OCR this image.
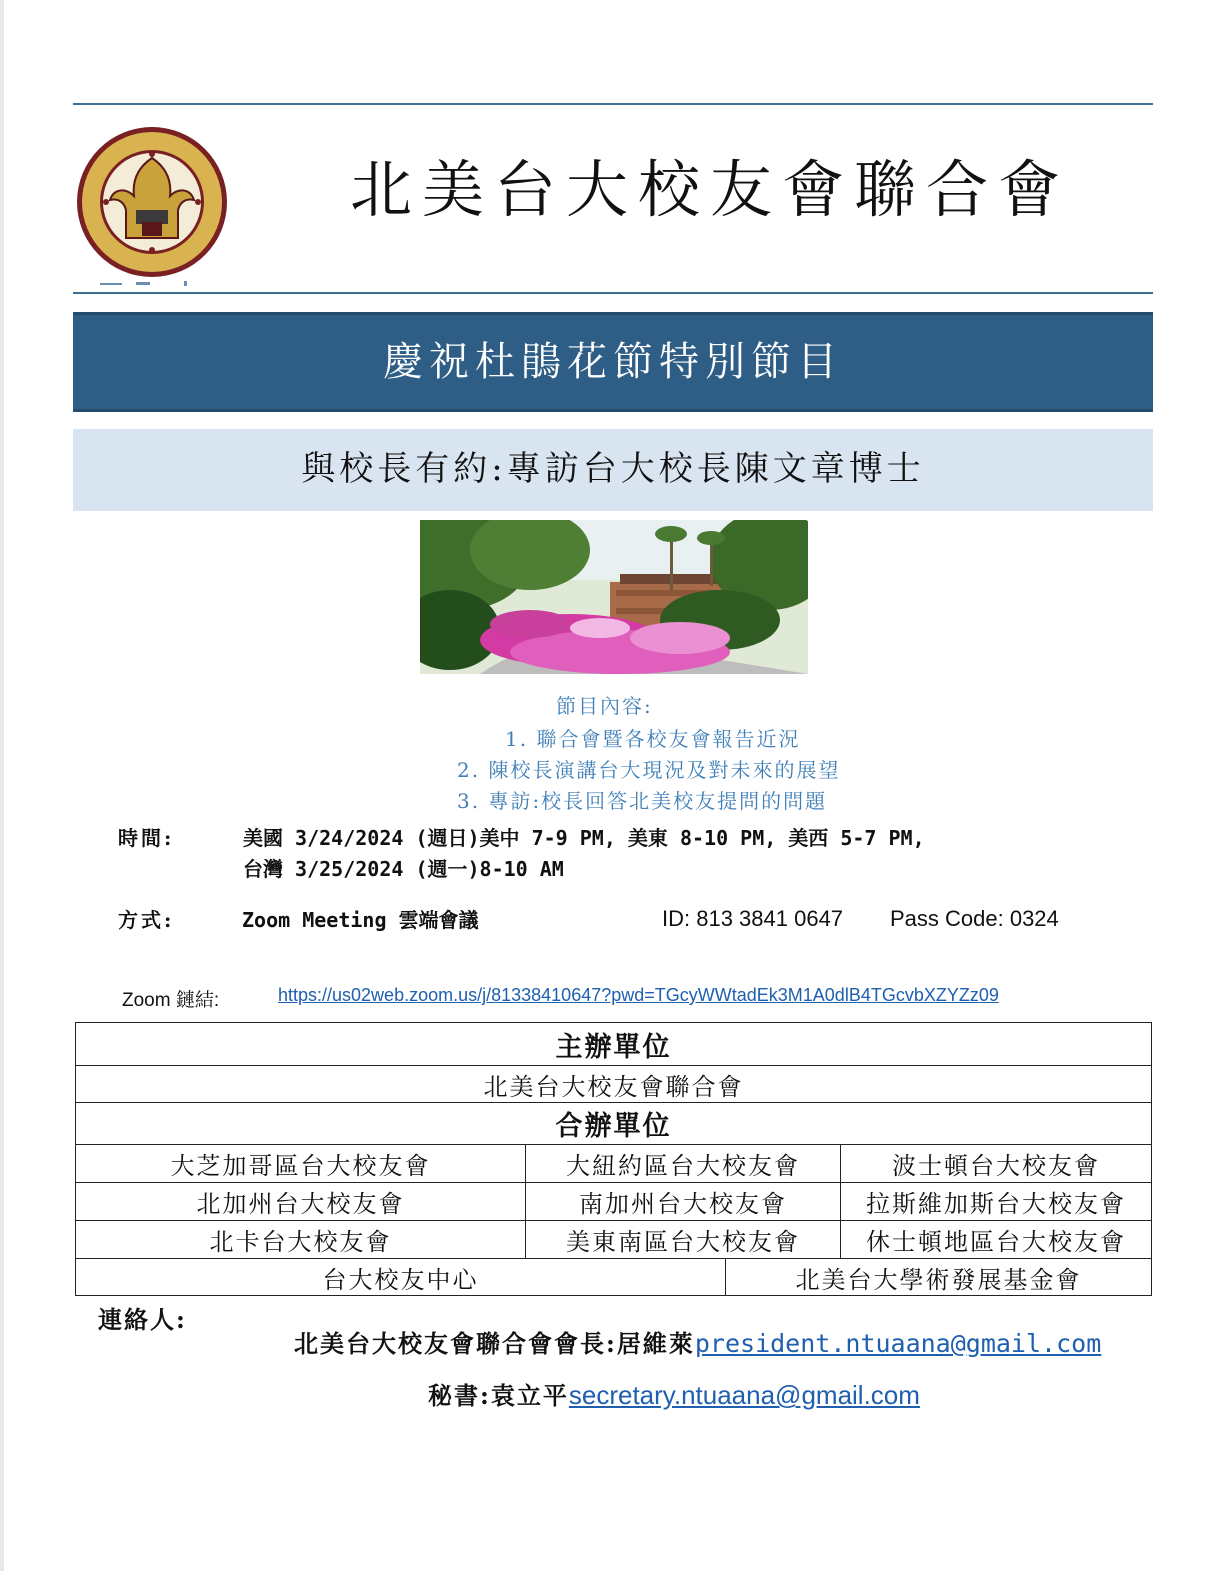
北美台大校友會聯合會
慶祝杜鵑花節特別節目
與校長有約:專訪台大校長陳文章博士
節目內容:
1. 聯合會暨各校友會報告近況
2. 陳校長演講台大現況及對未來的展望
3. 專訪:校長回答北美校友提問的問題
時間:	美國 3/24/2024 (週日)美中 7-9 PM, 美東 8-10 PM, 美西 5-7 PM,
台灣 3/25/2024 (週一)8-10 AM
方式:	Zoom Meeting 雲端會議	ID: 813 3841 0647 Pass Code: 0324
Zoom 鏈結:	https://us02web.zoom.us/j/81338410647?pwd=TGcyWWtadEk3M1A0dlB4TGcvbXZYZz09
主辦單位			
北美台大校友會聯合會			
合辦單位			
大芝加哥區台大校友會	大紐約區台大校友會		波士頓台大校友會
北加州台大校友會	南加州台大校友會		拉斯維加斯台大校友會
北卡台大校友會	美東南區台大校友會		休士頓地區台大校友會
台大校友中心		北美台大學術發展基金會	
連絡人:
北美台大校友會聯合會會長:居維萊president.ntuaana@gmail.com
秘書:袁立平secretary.ntuaana@gmail.com
